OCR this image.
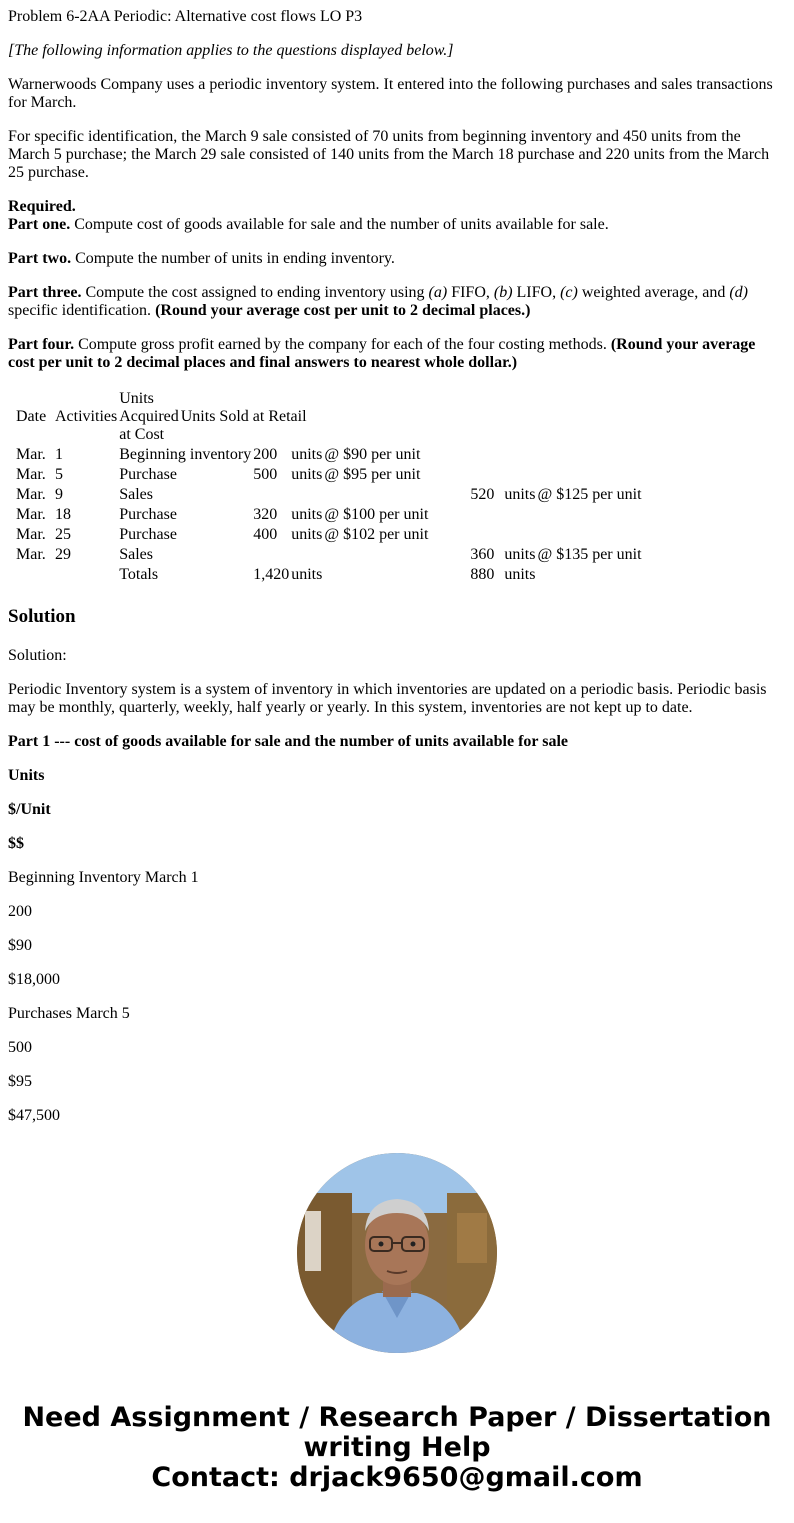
Problem 6-2AA Periodic: Alternative cost flows LO P3

[The following information applies to the questions displayed below.]

Warnerwoods Company uses a periodic inventory system. It entered into the following purchases and sales transactions for March.

For specific identification, the March 9 sale consisted of 70 units from beginning inventory and 450 units from the March 5 purchase; the March 29 sale consisted of 140 units from the March 18 purchase and 220 units from the March 25 purchase.

Required.
Part one. Compute cost of goods available for sale and the number of units available for sale.

Part two. Compute the number of units in ending inventory.

Part three. Compute the cost assigned to ending inventory using (a) FIFO, (b) LIFO, (c) weighted average, and (d) specific identification. (Round your average cost per unit to 2 decimal places.)

Part four. Compute gross profit earned by the company for each of the four costing methods. (Round your average cost per unit to 2 decimal places and final answers to nearest whole dollar.)

Date	Activities	Units Acquired at Cost	Units Sold at Retail						
Mar.	1	Beginning inventory		200	units	@ $90 per unit			
Mar.	5	Purchase		500	units	@ $95 per unit			
Mar.	9	Sales					520	units	@ $125 per unit
Mar.	18	Purchase		320	units	@ $100 per unit			
Mar.	25	Purchase		400	units	@ $102 per unit			
Mar.	29	Sales					360	units	@ $135 per unit
		Totals		1,420	units		880	units	
Solution

Solution:

Periodic Inventory system is a system of inventory in which inventories are updated on a periodic basis. Periodic basis may be monthly, quarterly, weekly, half yearly or yearly. In this system, inventories are not kept up to date.

Part 1 --- cost of goods available for sale and the number of units available for sale

Units

$/Unit

$$

Beginning Inventory March 1

200

$90

$18,000

Purchases March 5

500

$95

$47,500

Need Assignment / Research Paper / Dissertation
writing Help
Contact: drjack9650@gmail.com
